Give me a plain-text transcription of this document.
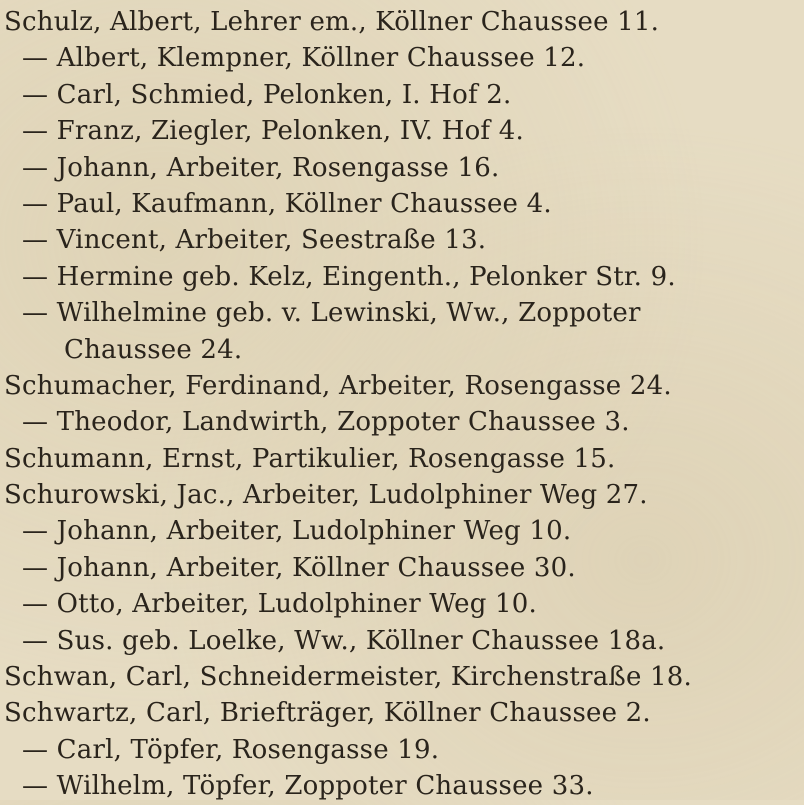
Schulz, Albert, Lehrer em., Köllner Chaussee 11.
— Albert, Klempner, Köllner Chaussee 12.
— Carl, Schmied, Pelonken, I. Hof 2.
— Franz, Ziegler, Pelonken, IV. Hof 4.
— Johann, Arbeiter, Rosengasse 16.
— Paul, Kaufmann, Köllner Chaussee 4.
— Vincent, Arbeiter, Seestraße 13.
— Hermine geb. Kelz, Eingenth., Pelonker Str. 9.
— Wilhelmine geb. v. Lewinski, Ww., Zoppoter
Chaussee 24.
Schumacher, Ferdinand, Arbeiter, Rosengasse 24.
— Theodor, Landwirth, Zoppoter Chaussee 3.
Schumann, Ernst, Partikulier, Rosengasse 15.
Schurowski, Jac., Arbeiter, Ludolphiner Weg 27.
— Johann, Arbeiter, Ludolphiner Weg 10.
— Johann, Arbeiter, Köllner Chaussee 30.
— Otto, Arbeiter, Ludolphiner Weg 10.
— Sus. geb. Loelke, Ww., Köllner Chaussee 18a.
Schwan, Carl, Schneidermeister, Kirchenstraße 18.
Schwartz, Carl, Briefträger, Köllner Chaussee 2.
— Carl, Töpfer, Rosengasse 19.
— Wilhelm, Töpfer, Zoppoter Chaussee 33.
